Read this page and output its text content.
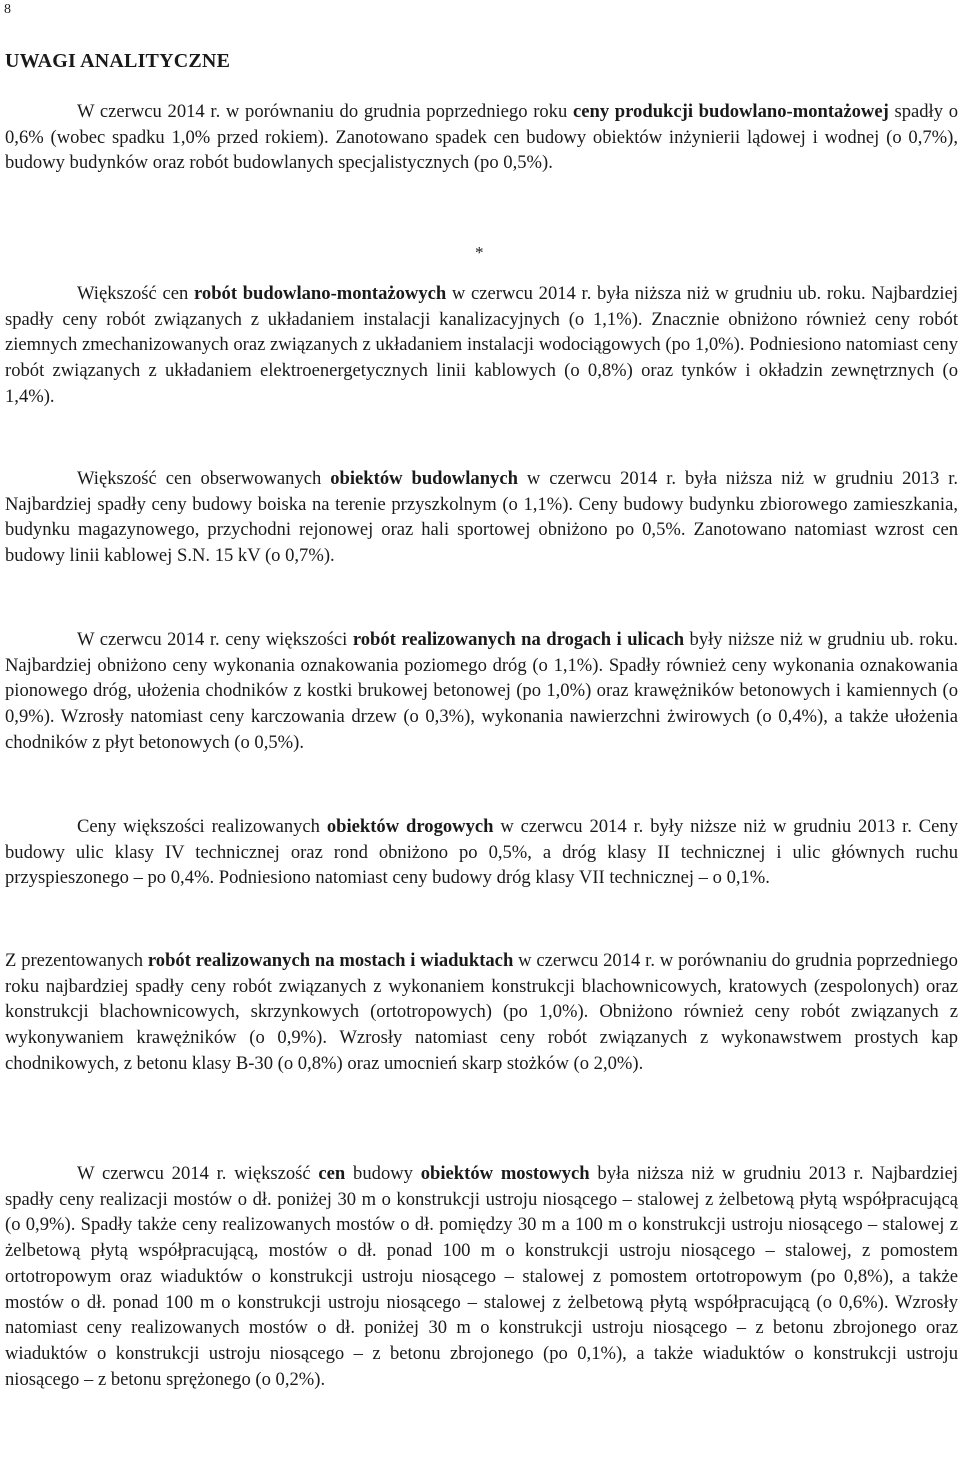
8
UWAGI ANALITYCZNE

W czerwcu 2014 r. w porównaniu do grudnia poprzedniego roku ceny produkcji budowlano-montażowej spadły o 0,6% (wobec spadku 1,0% przed rokiem). Zanotowano spadek cen budowy obiektów inżynierii lądowej i wodnej (o 0,7%), budowy budynków oraz robót budowlanych specjalistycznych (po 0,5%).

*

Większość cen robót budowlano-montażowych w czerwcu 2014 r. była niższa niż w grudniu ub. roku. Najbardziej spadły ceny robót związanych z układaniem instalacji kanalizacyjnych (o 1,1%). Znacznie obniżono również ceny robót ziemnych zmechanizowanych oraz związanych z układaniem instalacji wodociągowych (po 1,0%). Podniesiono natomiast ceny robót związanych z układaniem elektroenergetycznych linii kablowych (o 0,8%) oraz tynków i okładzin zewnętrznych (o 1,4%).

Większość cen obserwowanych obiektów budowlanych w czerwcu 2014 r. była niższa niż w grudniu 2013 r. Najbardziej spadły ceny budowy boiska na terenie przyszkolnym (o 1,1%). Ceny budowy budynku zbiorowego zamieszkania, budynku magazynowego, przychodni rejonowej oraz hali sportowej obniżono po 0,5%. Zanotowano natomiast wzrost cen budowy linii kablowej S.N. 15 kV (o 0,7%).

W czerwcu 2014 r. ceny większości robót realizowanych na drogach i ulicach były niższe niż w grudniu ub. roku. Najbardziej obniżono ceny wykonania oznakowania poziomego dróg (o 1,1%). Spadły również ceny wykonania oznakowania pionowego dróg, ułożenia chodników z kostki brukowej betonowej (po 1,0%) oraz krawężników betonowych i kamiennych (o 0,9%). Wzrosły natomiast ceny karczowania drzew (o 0,3%), wykonania nawierzchni żwirowych (o 0,4%), a także ułożenia chodników z płyt betonowych (o 0,5%).

Ceny większości realizowanych obiektów drogowych w czerwcu 2014 r. były niższe niż w grudniu 2013 r. Ceny budowy ulic klasy IV technicznej oraz rond obniżono po 0,5%, a dróg klasy II technicznej i ulic głównych ruchu przyspieszonego – po 0,4%. Podniesiono natomiast ceny budowy dróg klasy VII technicznej – o 0,1%.

Z prezentowanych robót realizowanych na mostach i wiaduktach w czerwcu 2014 r. w porównaniu do grudnia poprzedniego roku najbardziej spadły ceny robót związanych z wykonaniem konstrukcji blachownicowych, kratowych (zespolonych) oraz konstrukcji blachownicowych, skrzynkowych (ortotropowych) (po 1,0%). Obniżono również ceny robót związanych z wykonywaniem krawężników (o 0,9%). Wzrosły natomiast ceny robót związanych z wykonawstwem prostych kap chodnikowych, z betonu klasy B-30 (o 0,8%) oraz umocnień skarp stożków (o 2,0%).

W czerwcu 2014 r. większość cen budowy obiektów mostowych była niższa niż w grudniu 2013 r. Najbardziej spadły ceny realizacji mostów o dł. poniżej 30 m o konstrukcji ustroju niosącego – stalowej z żelbetową płytą współpracującą (o 0,9%). Spadły także ceny realizowanych mostów o dł. pomiędzy 30 m a 100 m o konstrukcji ustroju niosącego – stalowej z żelbetową płytą współpracującą, mostów o dł. ponad 100 m o konstrukcji ustroju niosącego – stalowej, z pomostem ortotropowym oraz wiaduktów o konstrukcji ustroju niosącego – stalowej z pomostem ortotropowym (po 0,8%), a także mostów o dł. ponad 100 m o konstrukcji ustroju niosącego – stalowej z żelbetową płytą współpracującą (o 0,6%). Wzrosły natomiast ceny realizowanych mostów o dł. poniżej 30 m o konstrukcji ustroju niosącego – z betonu zbrojonego oraz wiaduktów o konstrukcji ustroju niosącego – z betonu zbrojonego (po 0,1%), a także wiaduktów o konstrukcji ustroju niosącego – z betonu sprężonego (o 0,2%).
